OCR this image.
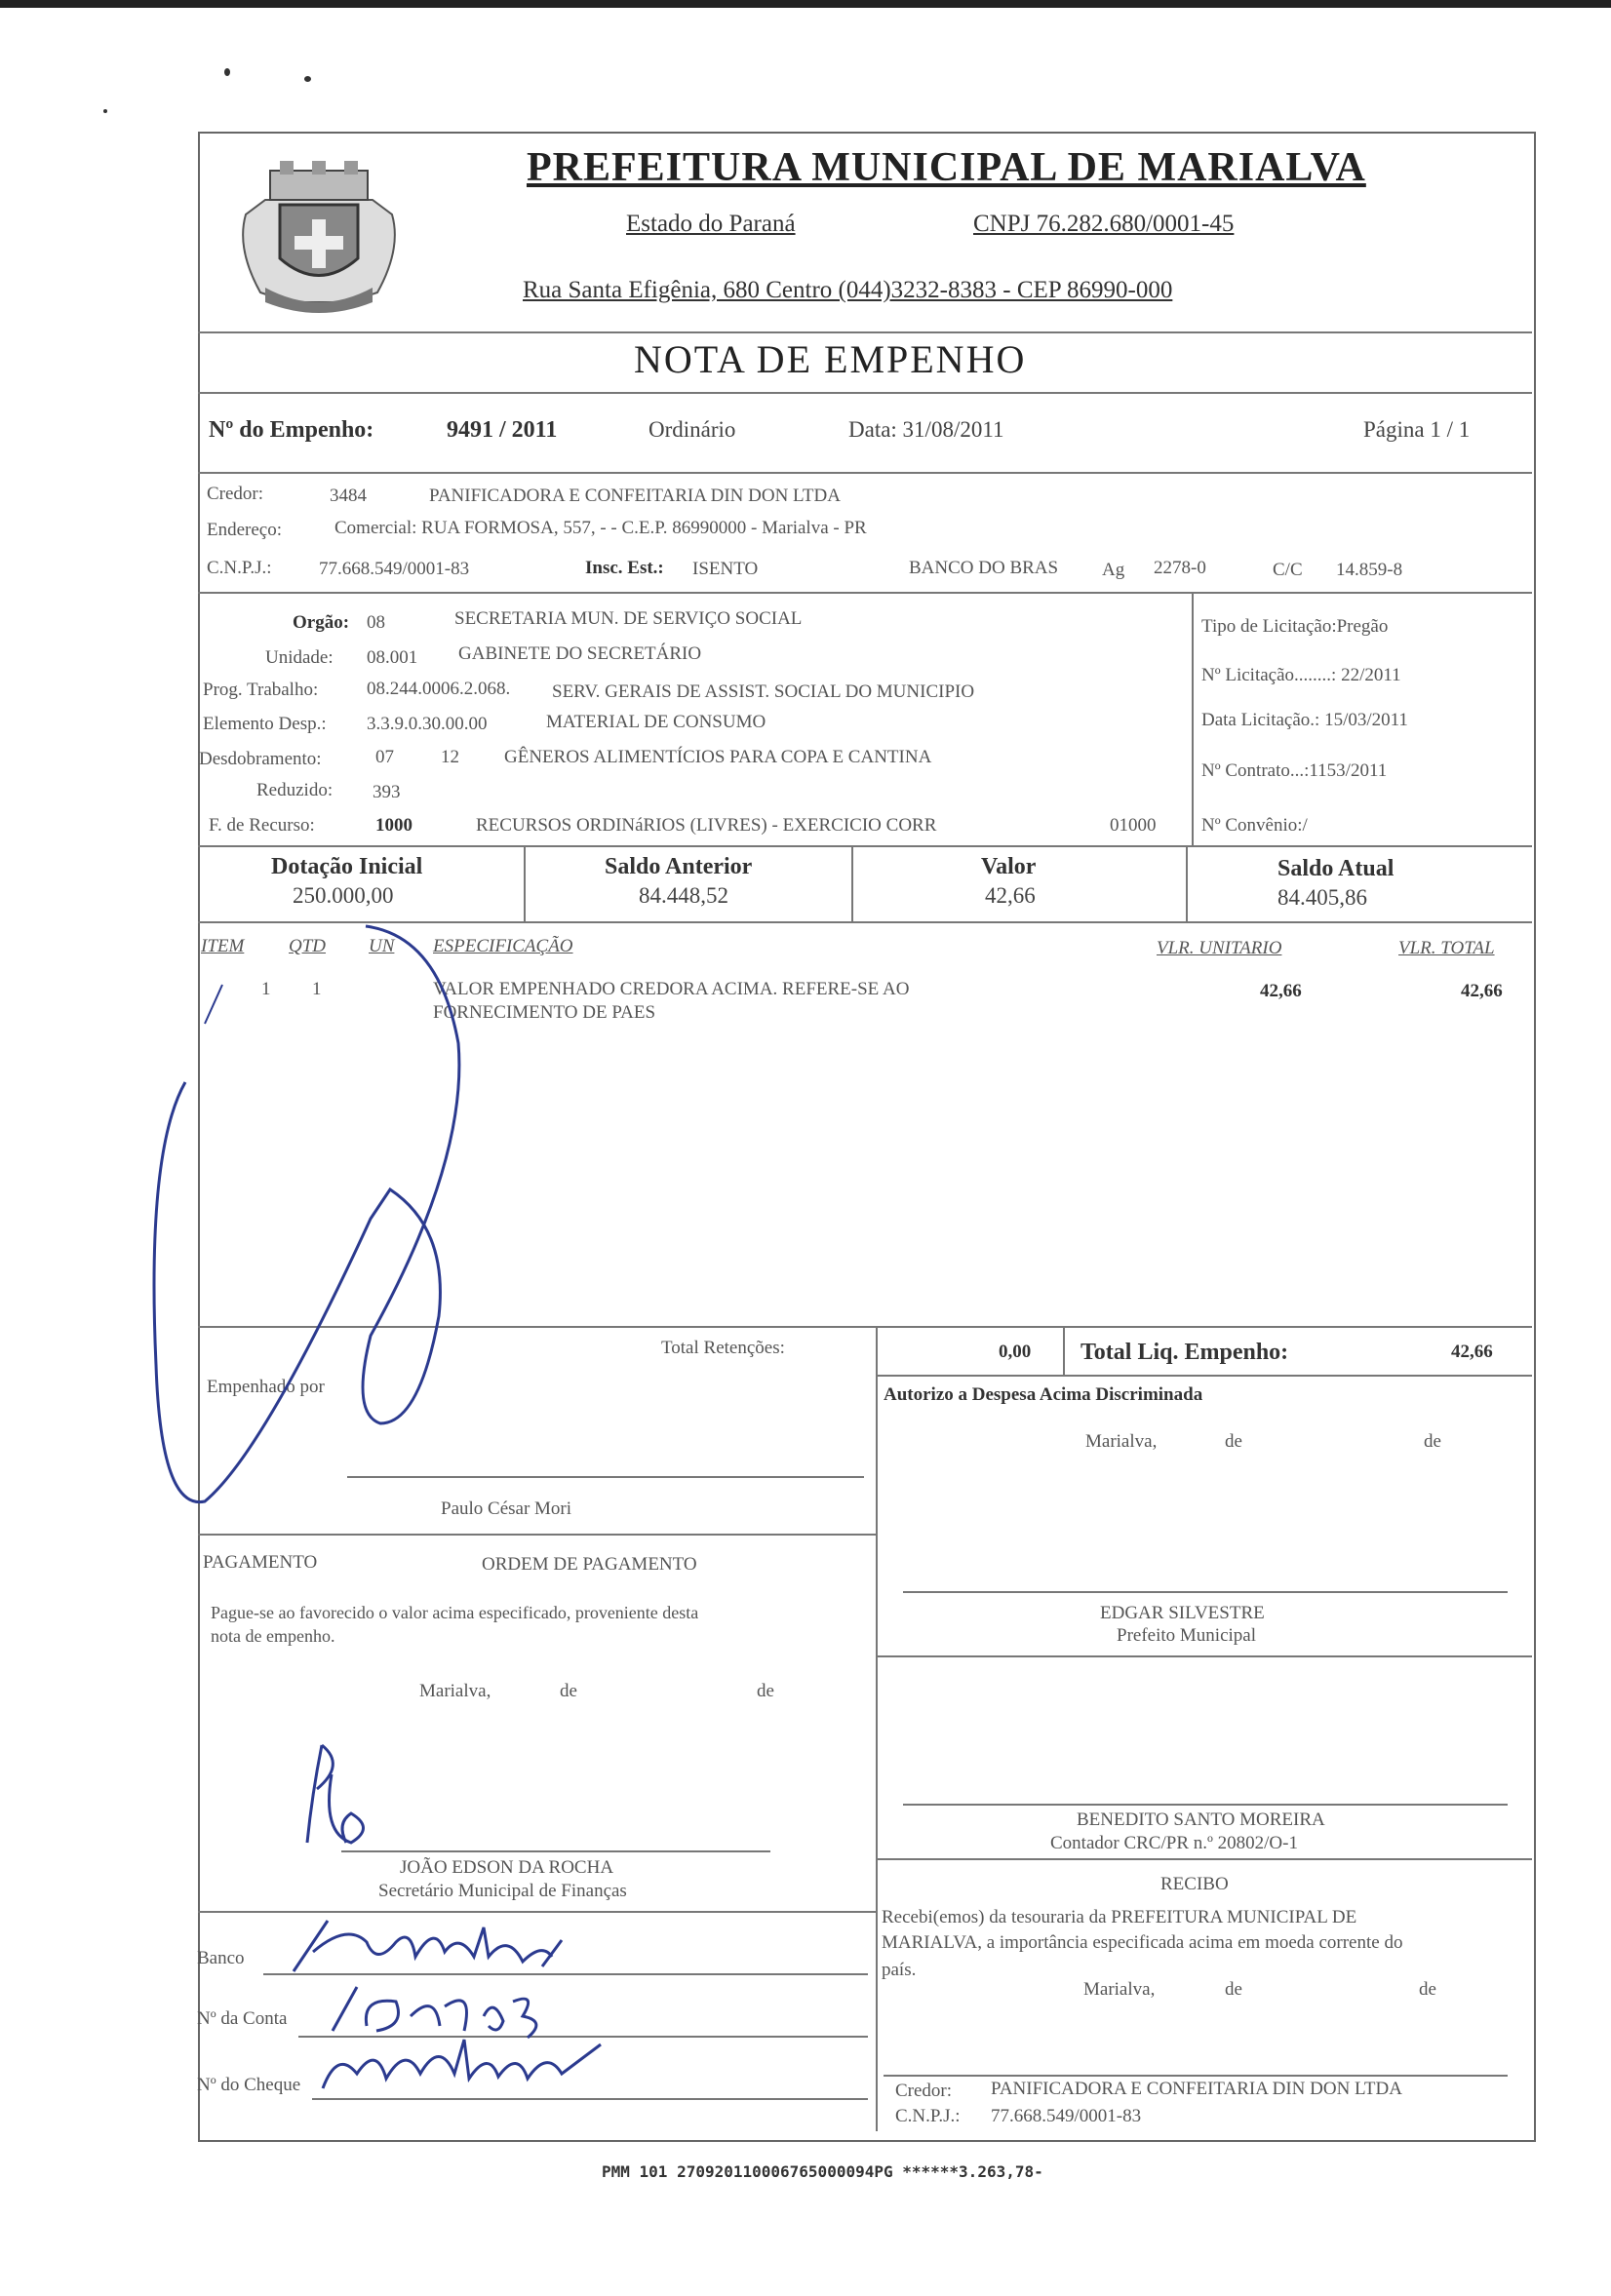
PREFEITURA MUNICIPAL DE MARIALVA
Estado do Paraná	CNPJ 76.282.680/0001-45
Rua Santa Efigênia, 680 Centro (044)3232-8383 - CEP 86990-000
NOTA DE EMPENHO
Nº do Empenho:	9491 / 2011	Ordinário	Data: 31/08/2011	Página 1 / 1
Credor:	3484	PANIFICADORA E CONFEITARIA DIN DON LTDA
Endereço:	Comercial: RUA FORMOSA, 557, - - C.E.P. 86990000 - Marialva - PR
C.N.P.J.:	77.668.549/0001-83	Insc. Est.: ISENTO	BANCO DO BRAS Ag 2278-0	C/C 14.859-8
Orgão: 08	SECRETARIA MUN. DE SERVIÇO SOCIAL
Unidade: 08.001 GABINETE DO SECRETÁRIO
Prog. Trabalho:	08.244.0006.2.068. SERV. GERAIS DE ASSIST. SOCIAL DO MUNICIPIO
Elemento Desp.: 3.3.9.0.30.00.00	MATERIAL DE CONSUMO
Desdobramento:	07	12 GÊNEROS ALIMENTÍCIOS PARA COPA E CANTINA
Reduzido: 393
F. de Recurso:	1000	RECURSOS ORDINáRIOS (LIVRES) - EXERCICIO CORR	01000
Tipo de Licitação:Pregão
Nº Licitação........: 22/2011
Data Licitação.: 15/03/2011
Nº Contrato...:1153/2011
Nº Convênio:/
Dotação Inicial
250.000,00
Saldo Anterior
84.448,52
Valor
42,66
Saldo Atual
84.405,86
ITEM QTD UN ESPECIFICAÇÃO	VLR. UNITARIO	VLR. TOTAL
1 1	VALOR EMPENHADO CREDORA ACIMA. REFERE-SE AO
FORNECIMENTO DE PAES
42,66	42,66
Total Retenções:	0,00 Total Liq. Empenho:	42,66
Empenhado por
Paulo César Mori
Autorizo a Despesa Acima Discriminada
Marialva,	de	de
EDGAR SILVESTRE
Prefeito Municipal
PAGAMENTO	ORDEM DE PAGAMENTO
Pague-se ao favorecido o valor acima especificado, proveniente desta
nota de empenho.
Marialva,	de	de
JOÃO EDSON DA ROCHA
Secretário Municipal de Finanças
BENEDITO SANTO MOREIRA
Contador CRC/PR n.º 20802/O-1
RECIBO
Recebi(emos) da tesouraria da PREFEITURA MUNICIPAL DE
MARIALVA, a importância especificada acima em moeda corrente do
país.
Marialva,	de	de
Credor: PANIFICADORA E CONFEITARIA DIN DON LTDA
C.N.P.J.: 77.668.549/0001-83
Banco
Nº da Conta
Nº do Cheque
PMM 101 270920110006765000094PG ******3.263,78-
